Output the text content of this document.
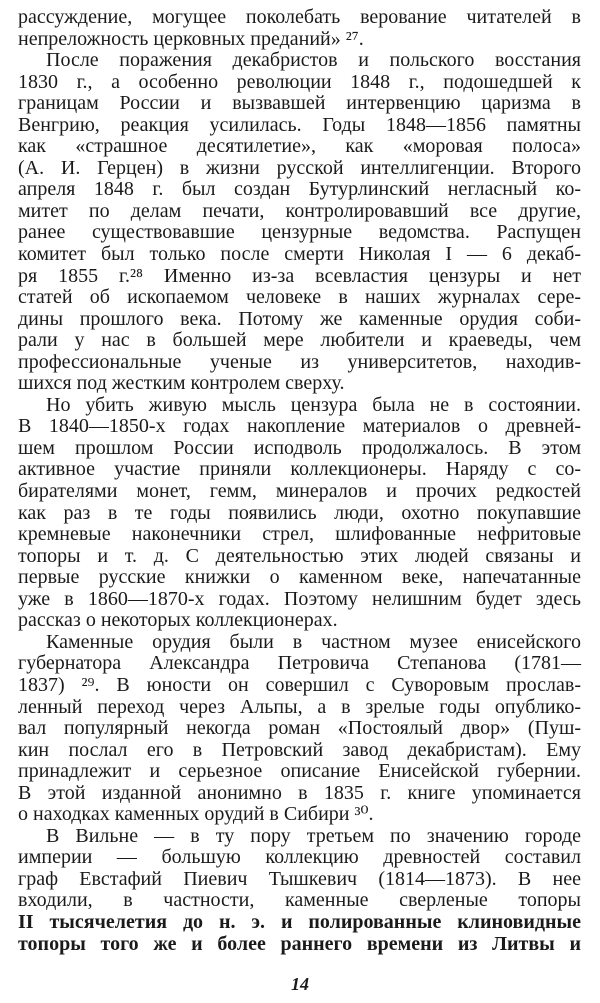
рассуждение, могущее поколебать верование читателей в
непреложность церковных преданий» ²⁷.
После поражения декабристов и польского восстания
1830 г., а особенно революции 1848 г., подошедшей к
границам России и вызвавшей интервенцию царизма в
Венгрию, реакция усилилась. Годы 1848—1856 памятны
как «страшное десятилетие», как «моровая полоса»
(А. И. Герцен) в жизни русской интеллигенции. Второго
апреля 1848 г. был создан Бутурлинский негласный ко-
митет по делам печати, контролировавший все другие,
ранее существовавшие цензурные ведомства. Распущен
комитет был только после смерти Николая I — 6 декаб-
ря 1855 г.²⁸ Именно из-за всевластия цензуры и нет
статей об ископаемом человеке в наших журналах сере-
дины прошлого века. Потому же каменные орудия соби-
рали у нас в большей мере любители и краеведы, чем
профессиональные ученые из университетов, находив-
шихся под жестким контролем сверху.
Но убить живую мысль цензура была не в состоянии.
В 1840—1850-х годах накопление материалов о древней-
шем прошлом России исподволь продолжалось. В этом
активное участие приняли коллекционеры. Наряду с со-
бирателями монет, гемм, минералов и прочих редкостей
как раз в те годы появились люди, охотно покупавшие
кремневые наконечники стрел, шлифованные нефритовые
топоры и т. д. С деятельностью этих людей связаны и
первые русские книжки о каменном веке, напечатанные
уже в 1860—1870-х годах. Поэтому нелишним будет здесь
рассказ о некоторых коллекционерах.
Каменные орудия были в частном музее енисейского
губернатора Александра Петровича Степанова (1781—
1837) ²⁹. В юности он совершил с Суворовым прослав-
ленный переход через Альпы, а в зрелые годы опублико-
вал популярный некогда роман «Постоялый двор» (Пуш-
кин послал его в Петровский завод декабристам). Ему
принадлежит и серьезное описание Енисейской губернии.
В этой изданной анонимно в 1835 г. книге упоминается
о находках каменных орудий в Сибири ³⁰.
В Вильне — в ту пору третьем по значению городе
империи — большую коллекцию древностей составил
граф Евстафий Пиевич Тышкевич (1814—1873). В нее
входили, в частности, каменные сверленые топоры
II тысячелетия до н. э. и полированные клиновидные
топоры того же и более раннего времени из Литвы и
14
